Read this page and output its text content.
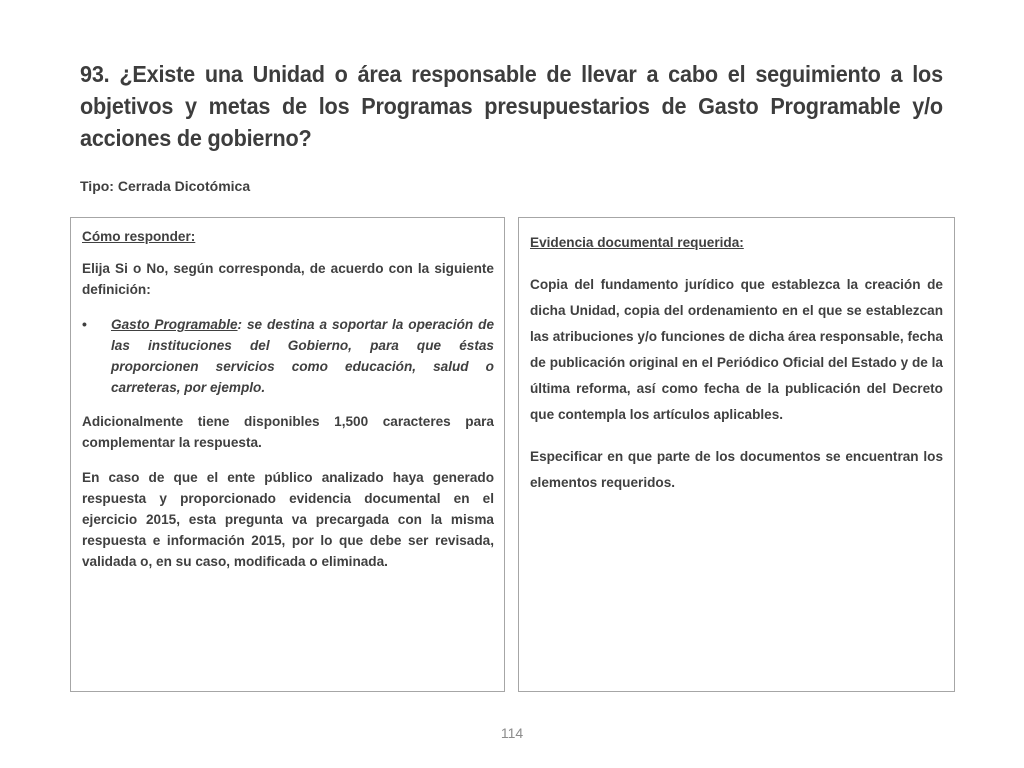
93. ¿Existe una Unidad o área responsable de llevar a cabo el seguimiento a los objetivos y metas de los Programas presupuestarios de Gasto Programable y/o acciones de gobierno?

Tipo: Cerrada Dicotómica

Cómo responder:

Elija Si o No, según corresponda, de acuerdo con la siguiente definición:

•	Gasto Programable: se destina a soportar la operación de las instituciones del Gobierno, para que éstas proporcionen servicios como educación, salud o carreteras, por ejemplo.

Adicionalmente tiene disponibles 1,500 caracteres para complementar la respuesta.

En caso de que el ente público analizado haya generado respuesta y proporcionado evidencia documental en el ejercicio 2015, esta pregunta va precargada con la misma respuesta e información 2015, por lo que debe ser revisada, validada o, en su caso, modificada o eliminada.

Evidencia documental requerida:

Copia del fundamento jurídico que establezca la creación de dicha Unidad, copia del ordenamiento en el que se establezcan las atribuciones y/o funciones de dicha área responsable, fecha de publicación original en el Periódico Oficial del Estado y de la última reforma, así como fecha de la publicación del Decreto que contempla los artículos aplicables.

Especificar en que parte de los documentos se encuentran los elementos requeridos.

114
